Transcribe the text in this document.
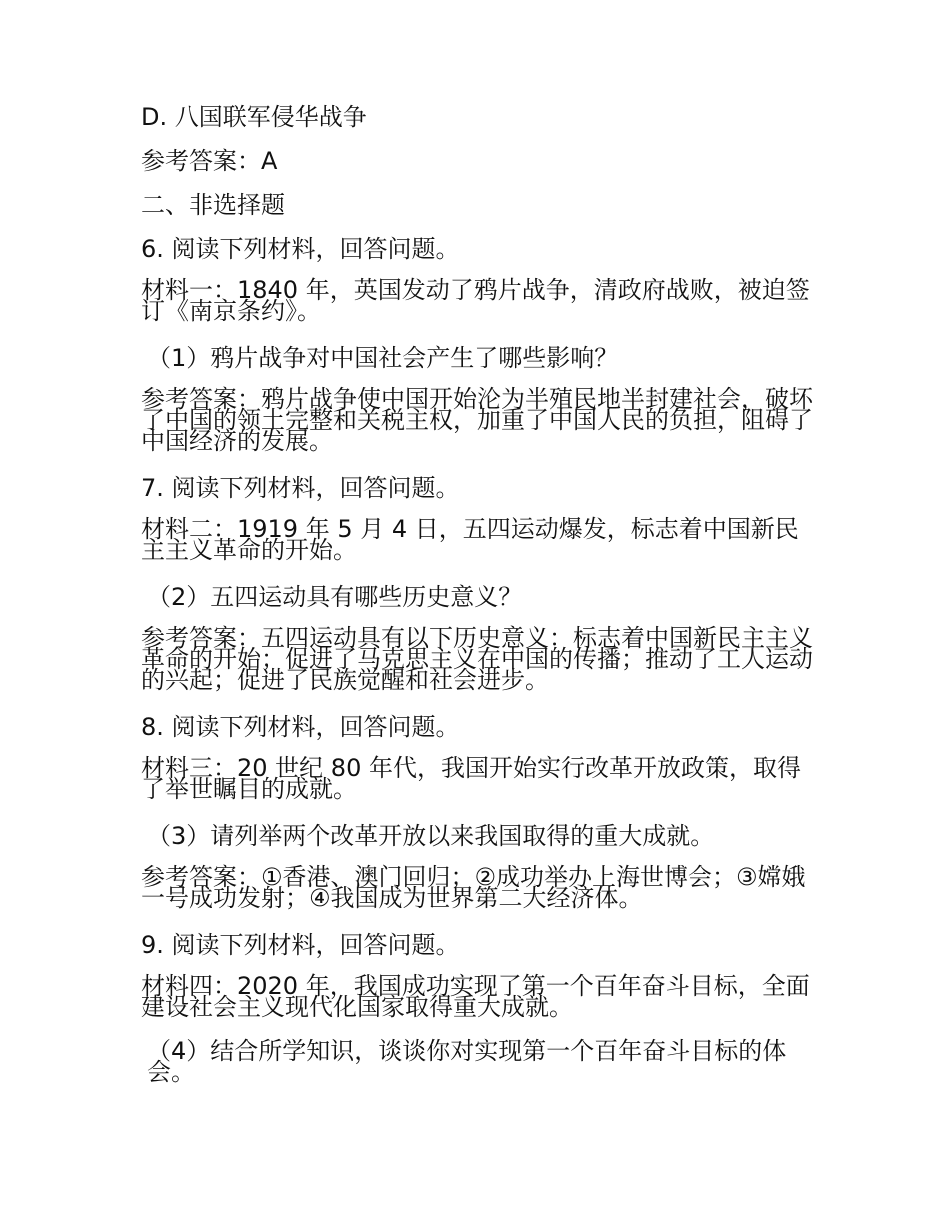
D. 八国联军侵华战争
参考答案：A
二、非选择题
6. 阅读下列材料，回答问题。
材料一：1840 年，英国发动了鸦片战争，清政府战败，被迫签订《南京条约》。
（1）鸦片战争对中国社会产生了哪些影响？
参考答案：鸦片战争使中国开始沦为半殖民地半封建社会，破坏了中国的领土完整和关税主权，加重了中国人民的负担，阻碍了中国经济的发展。
7. 阅读下列材料，回答问题。
材料二：1919 年 5 月 4 日，五四运动爆发，标志着中国新民主主义革命的开始。
（2）五四运动具有哪些历史意义？
参考答案：五四运动具有以下历史意义：标志着中国新民主主义革命的开始；促进了马克思主义在中国的传播；推动了工人运动的兴起；促进了民族觉醒和社会进步。
8. 阅读下列材料，回答问题。
材料三：20 世纪 80 年代，我国开始实行改革开放政策，取得了举世瞩目的成就。
（3）请列举两个改革开放以来我国取得的重大成就。
参考答案：①香港、澳门回归；②成功举办上海世博会；③嫦娥一号成功发射；④我国成为世界第二大经济体。
9. 阅读下列材料，回答问题。
材料四：2020 年，我国成功实现了第一个百年奋斗目标，全面建设社会主义现代化国家取得重大成就。
（4）结合所学知识，谈谈你对实现第一个百年奋斗目标的体会。
